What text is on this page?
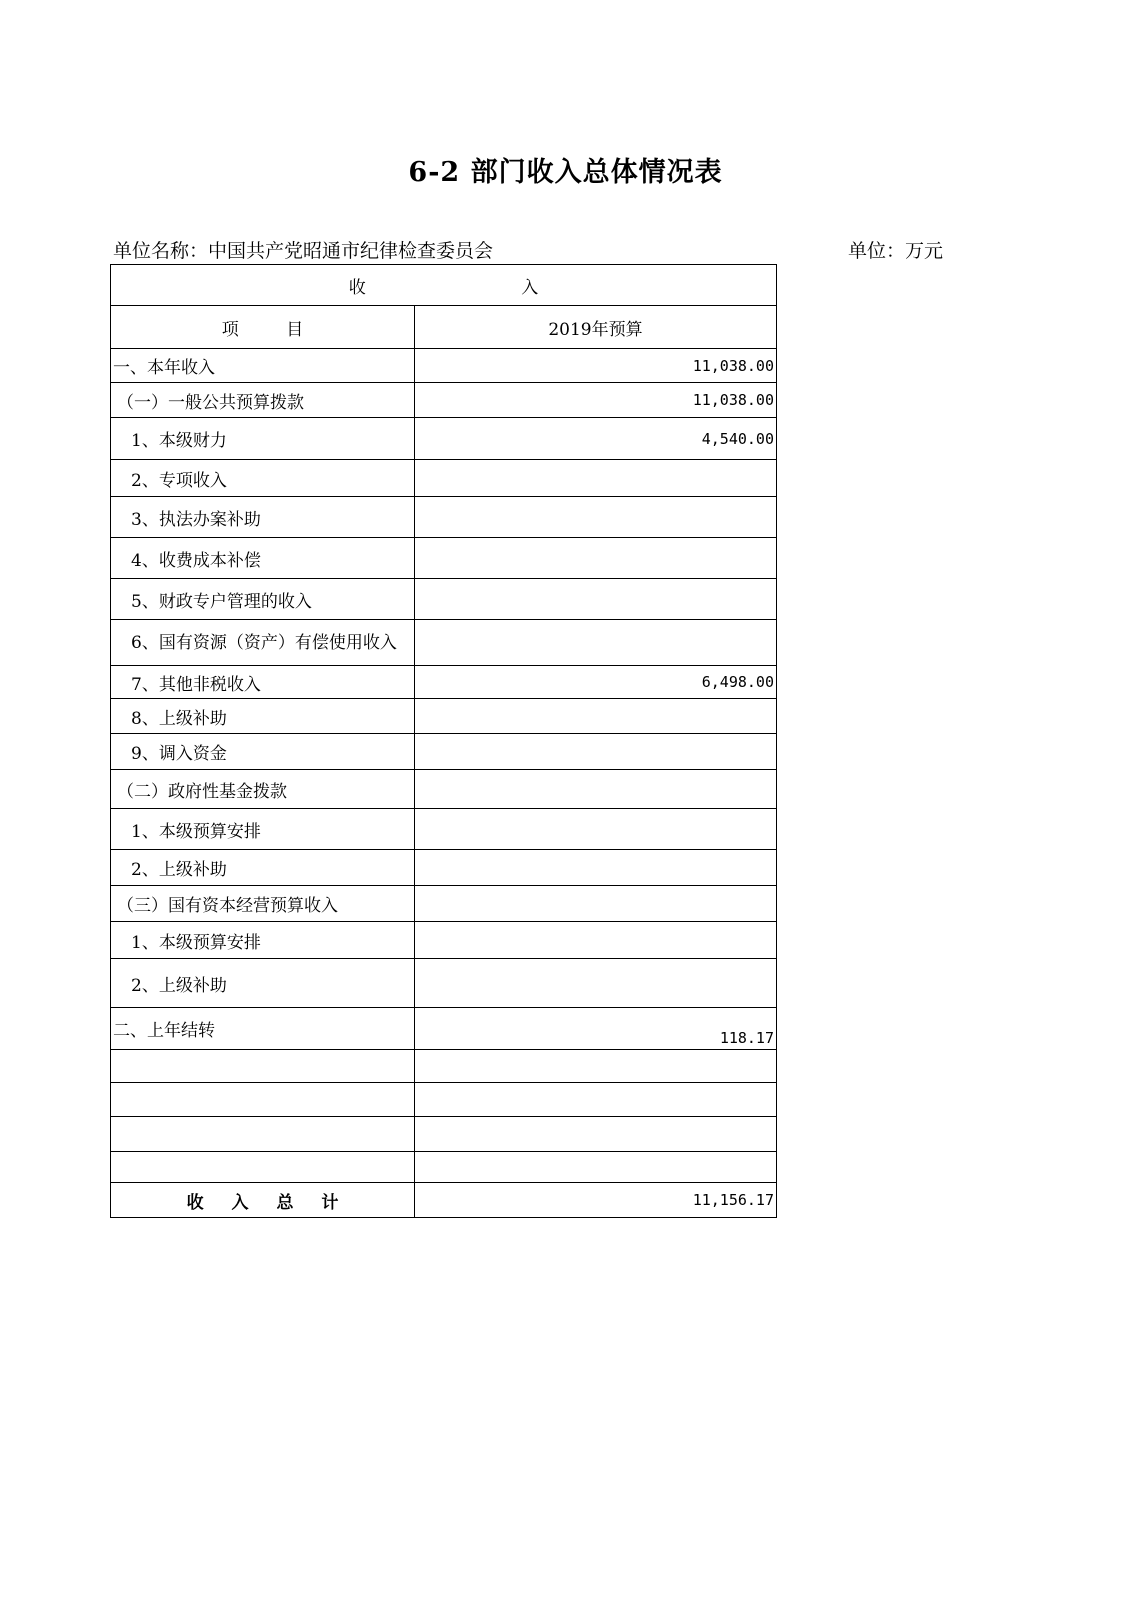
6-2 部门收入总体情况表
单位名称：中国共产党昭通市纪律检查委员会	单位：万元
收 入	
项 目	2019年预算
一、本年收入	11,038.00
（一）一般公共预算拨款	11,038.00
1、本级财力	4,540.00
2、专项收入	
3、执法办案补助	
4、收费成本补偿	
5、财政专户管理的收入	
6、国有资源（资产）有偿使用收入	
7、其他非税收入	6,498.00
8、上级补助	
9、调入资金	
（二）政府性基金拨款	
1、本级预算安排	
2、上级补助	
（三）国有资本经营预算收入	
1、本级预算安排	
2、上级补助	
二、上年结转	118.17

收 入 总 计	11,156.17
